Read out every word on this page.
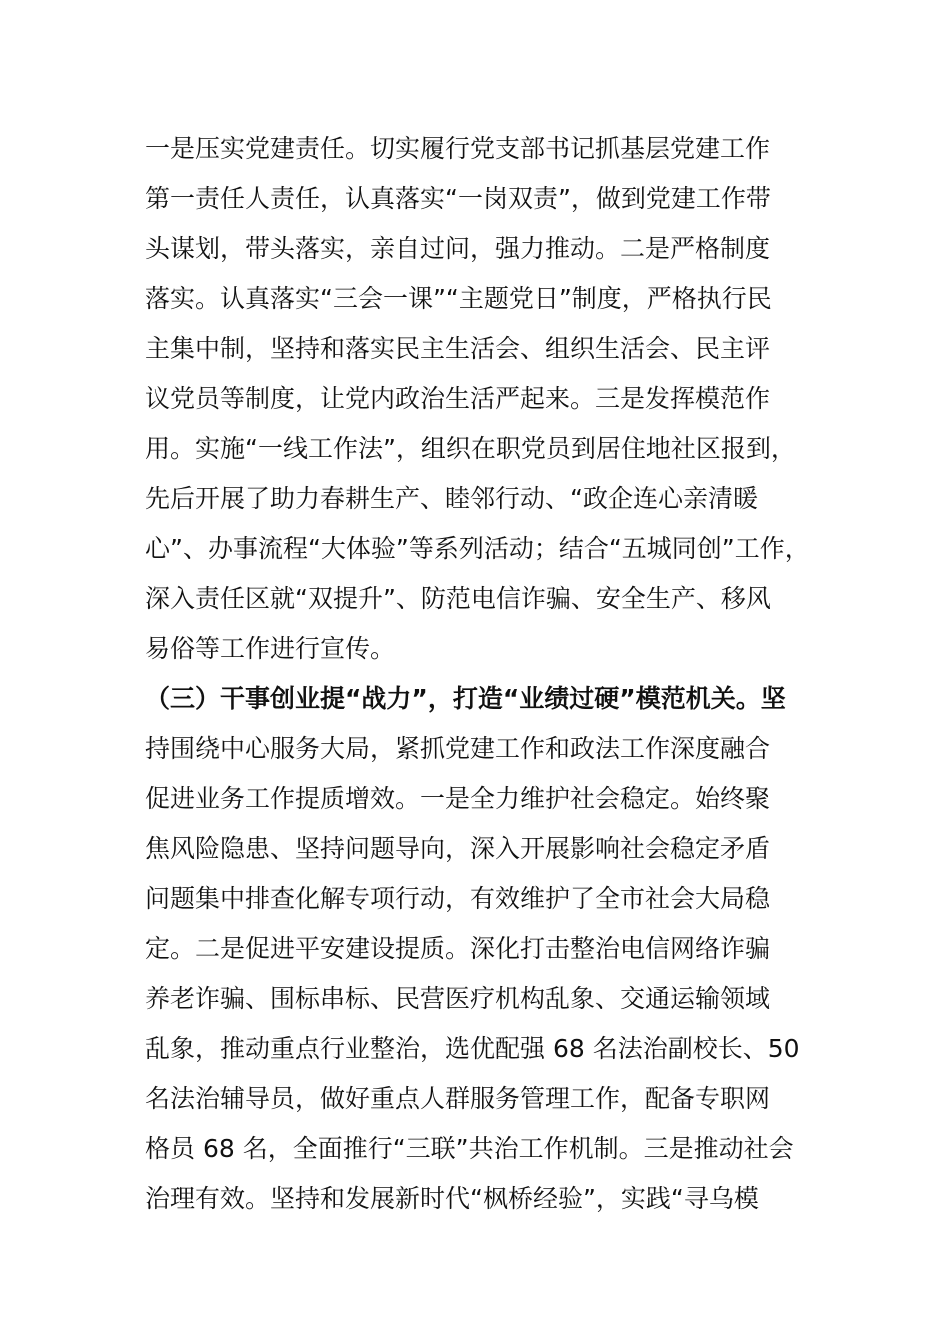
一是压实党建责任。切实履行党支部书记抓基层党建工作
第一责任人责任，认真落实“一岗双责”，做到党建工作带
头谋划，带头落实，亲自过问，强力推动。二是严格制度
落实。认真落实“三会一课”“主题党日”制度，严格执行民
主集中制，坚持和落实民主生活会、组织生活会、民主评
议党员等制度，让党内政治生活严起来。三是发挥模范作
用。实施“一线工作法”，组织在职党员到居住地社区报到，
先后开展了助力春耕生产、睦邻行动、“政企连心亲清暖
心”、办事流程“大体验”等系列活动；结合“五城同创”工作，
深入责任区就“双提升”、防范电信诈骗、安全生产、移风
易俗等工作进行宣传。
（三）干事创业提“战力”，打造“业绩过硬”模范机关。坚
持围绕中心服务大局，紧抓党建工作和政法工作深度融合
促进业务工作提质增效。一是全力维护社会稳定。始终聚
焦风险隐患、坚持问题导向，深入开展影响社会稳定矛盾
问题集中排查化解专项行动，有效维护了全市社会大局稳
定。二是促进平安建设提质。深化打击整治电信网络诈骗
养老诈骗、围标串标、民营医疗机构乱象、交通运输领域
乱象，推动重点行业整治，选优配强 68 名法治副校长、50
名法治辅导员，做好重点人群服务管理工作，配备专职网
格员 68 名，全面推行“三联”共治工作机制。三是推动社会
治理有效。坚持和发展新时代“枫桥经验”，实践“寻乌模
